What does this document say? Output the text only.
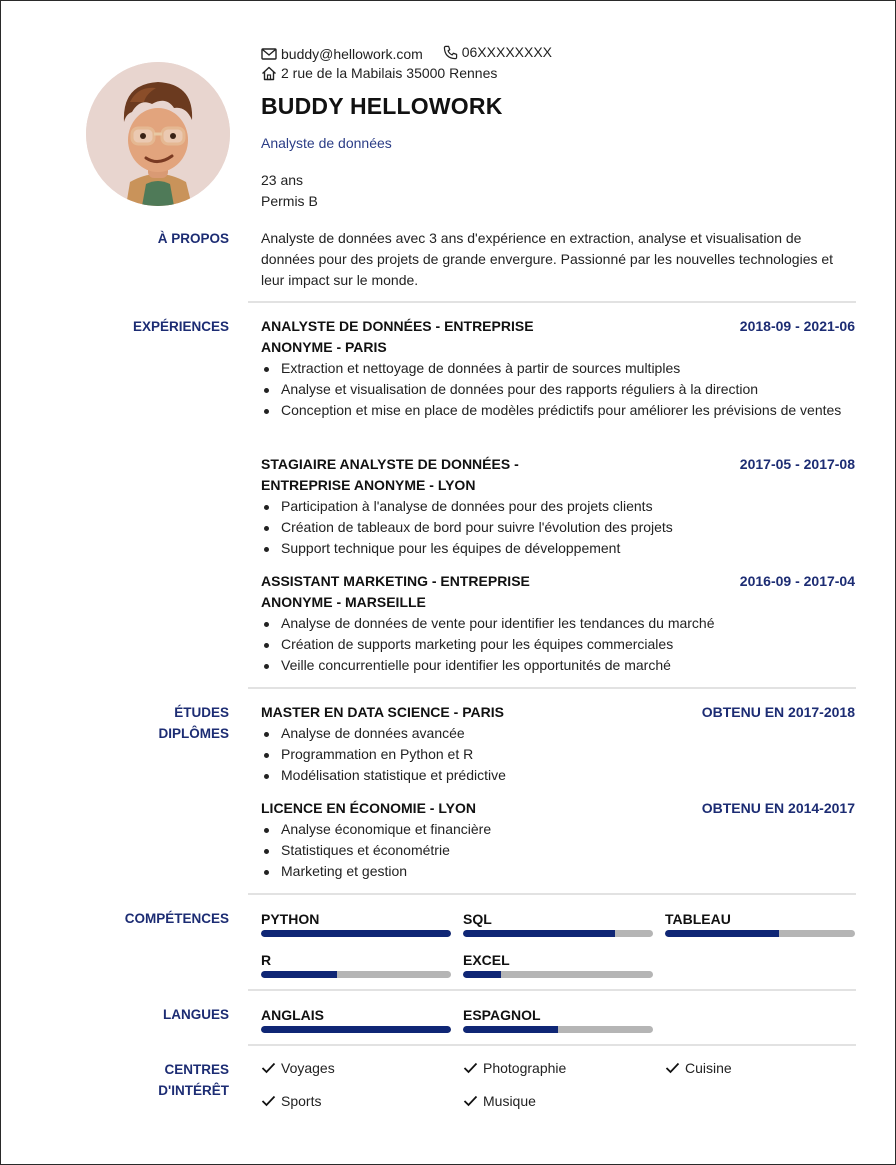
buddy@hellowork.com
	06XXXXXXXX
2 rue de la Mabilais 35000 Rennes
BUDDY HELLOWORK
Analyste de données
23 ans
Permis B
À PROPOS Analyste de données avec 3 ans d'expérience en extraction, analyse et visualisation de données pour des projets de grande envergure. Passionné par les nouvelles technologies et leur impact sur le monde.
EXPÉRIENCES ANALYSTE DE DONNÉES - ENTREPRISE
ANONYME - PARIS
2018-09 - 2021-06
Extraction et nettoyage de données à partir de sources multiples
Analyse et visualisation de données pour des rapports réguliers à la direction
Conception et mise en place de modèles prédictifs pour améliorer les prévisions de ventes
STAGIAIRE ANALYSTE DE DONNÉES -
ENTREPRISE ANONYME - LYON
2017-05 - 2017-08
Participation à l'analyse de données pour des projets clients
Création de tableaux de bord pour suivre l'évolution des projets
Support technique pour les équipes de développement
ASSISTANT MARKETING - ENTREPRISE
ANONYME - MARSEILLE
2016-09 - 2017-04
Analyse de données de vente pour identifier les tendances du marché
Création de supports marketing pour les équipes commerciales
Veille concurrentielle pour identifier les opportunités de marché
ÉTUDES
DIPLÔMES
MASTER EN DATA SCIENCE - PARIS	OBTENU EN 2017-2018
Analyse de données avancée
Programmation en Python et R
Modélisation statistique et prédictive
LICENCE EN ÉCONOMIE - LYON	OBTENU EN 2014-2017
Analyse économique et financière
Statistiques et économétrie
Marketing et gestion
COMPÉTENCES PYTHON	SQL	TABLEAU
R	EXCEL
LANGUES ANGLAIS	ESPAGNOL
CENTRES
D'INTÉRÊT
Voyages	Photographie	Cuisine
Sports	Musique
